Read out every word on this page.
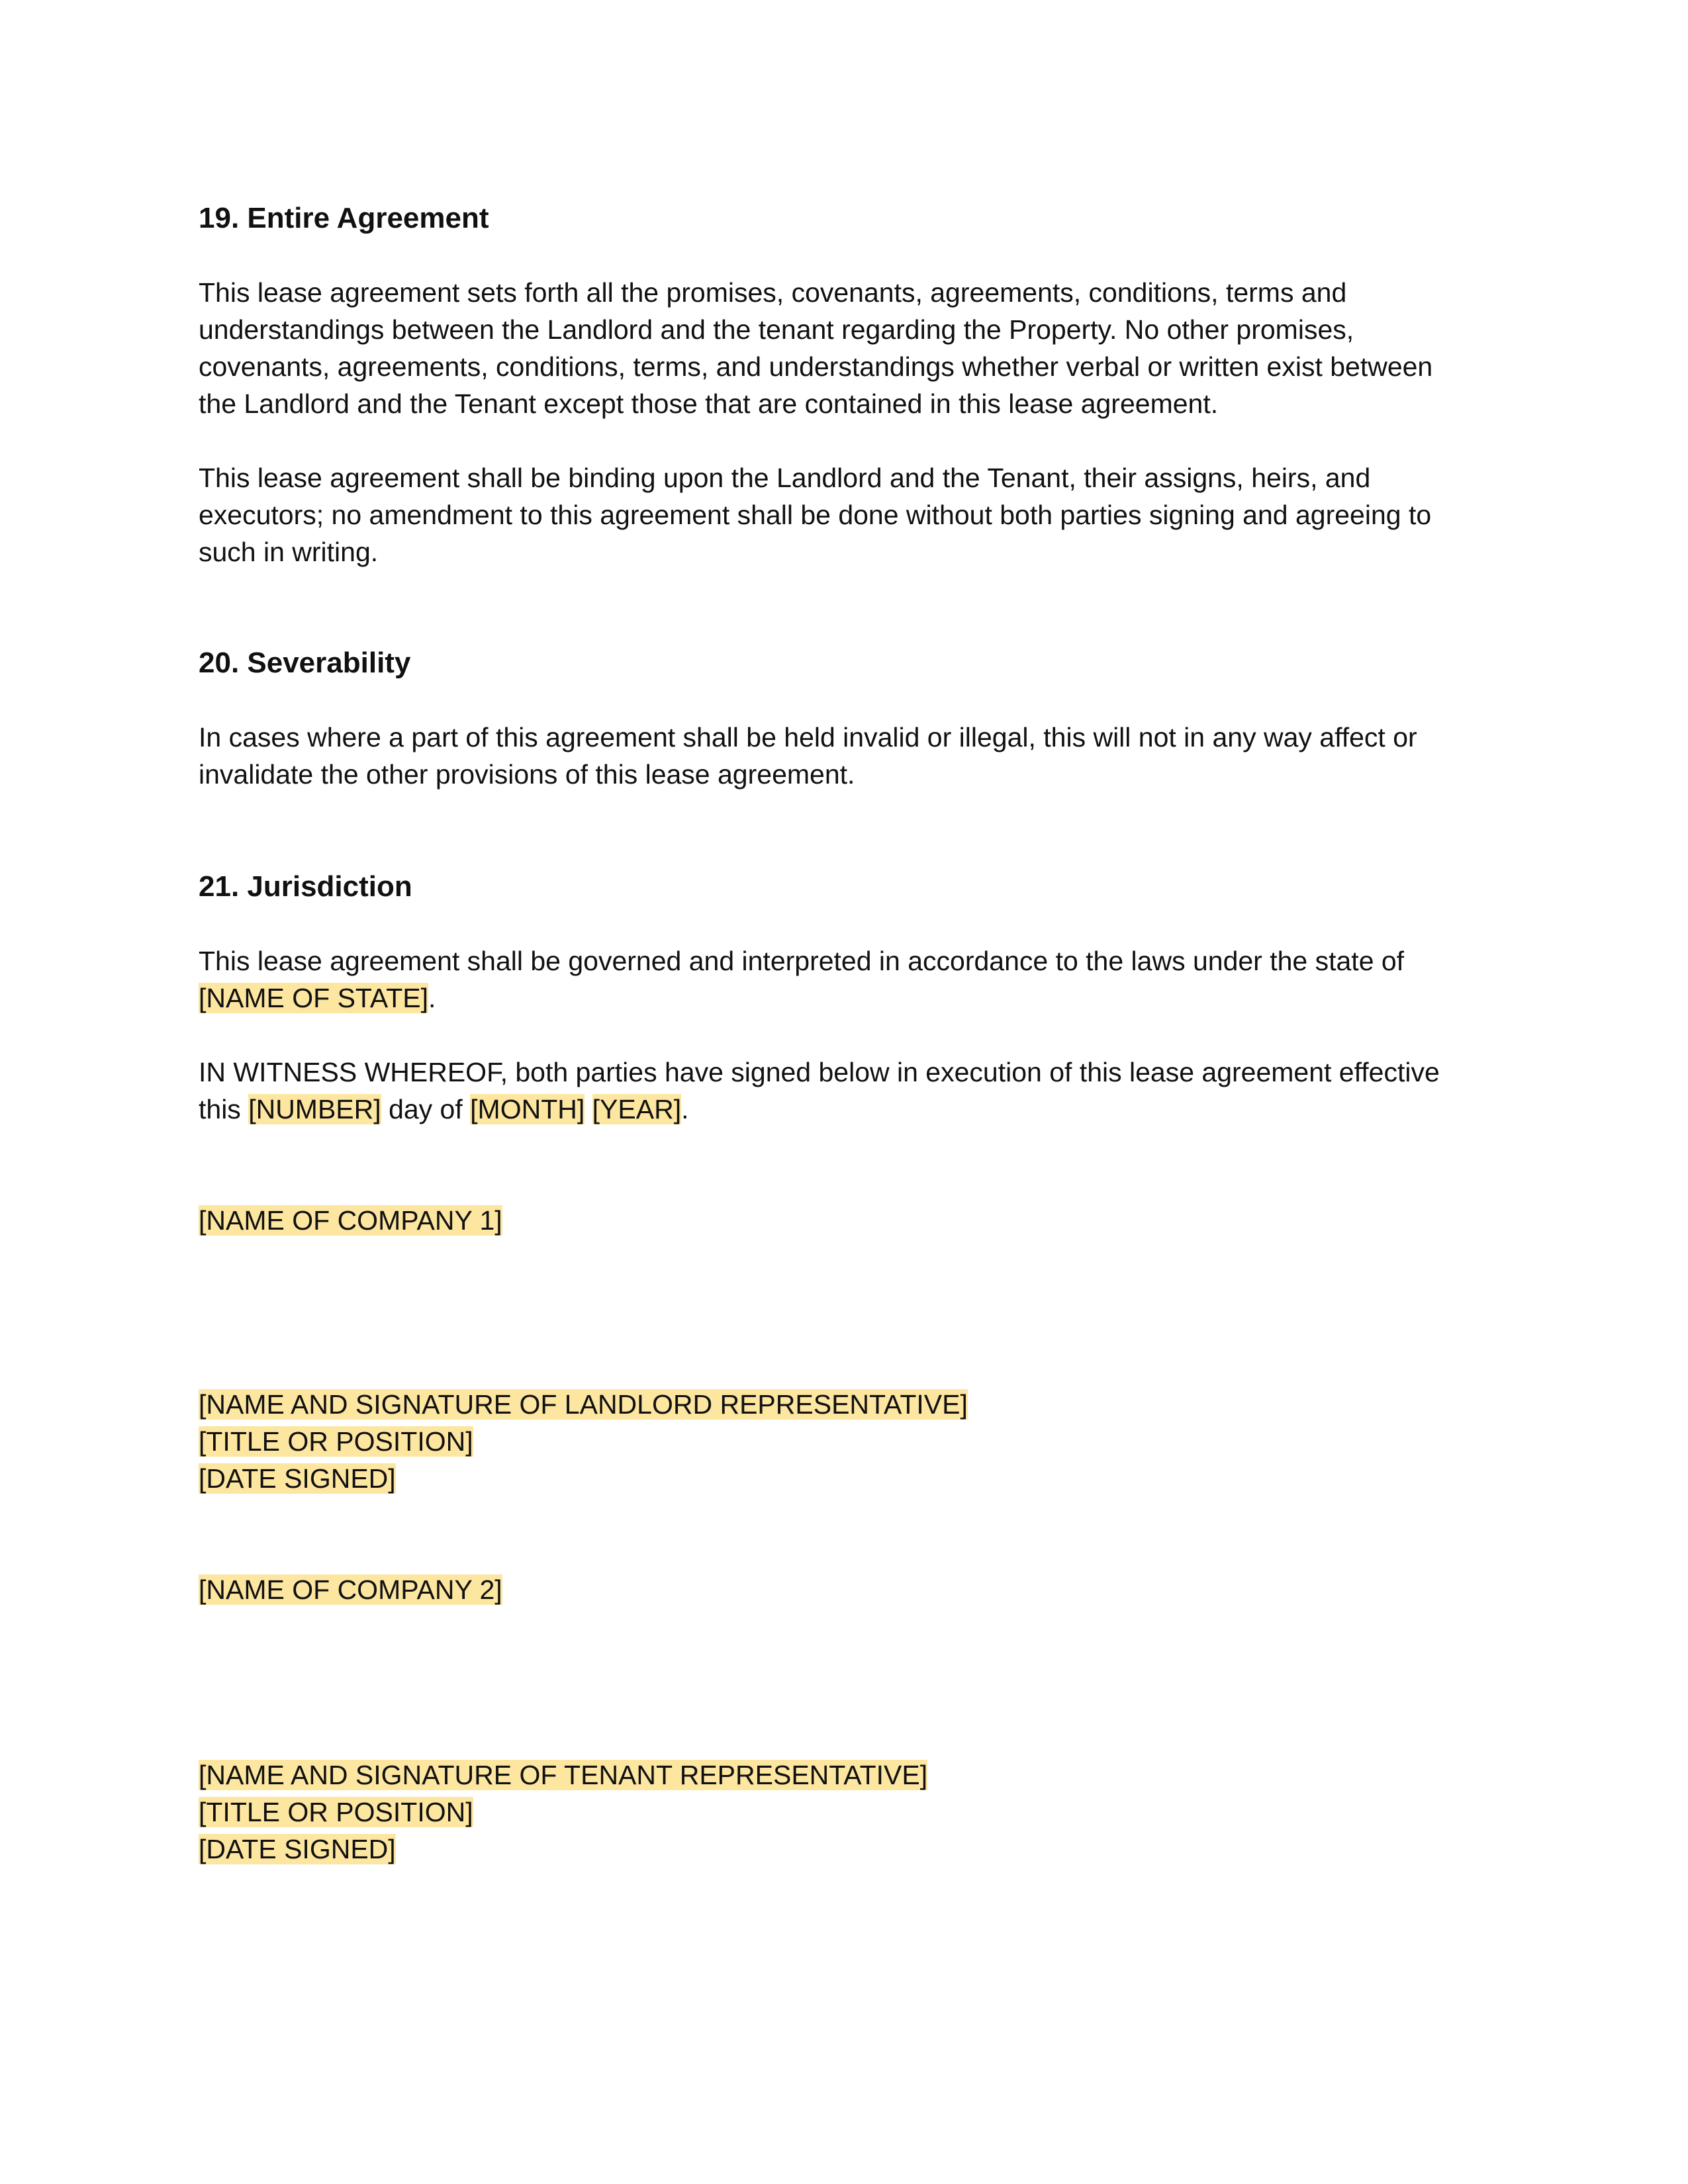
19. Entire Agreement

This lease agreement sets forth all the promises, covenants, agreements, conditions, terms and
understandings between the Landlord and the tenant regarding the Property. No other promises,
covenants, agreements, conditions, terms, and understandings whether verbal or written exist between
the Landlord and the Tenant except those that are contained in this lease agreement.

This lease agreement shall be binding upon the Landlord and the Tenant, their assigns, heirs, and
executors; no amendment to this agreement shall be done without both parties signing and agreeing to
such in writing.

20. Severability

In cases where a part of this agreement shall be held invalid or illegal, this will not in any way affect or
invalidate the other provisions of this lease agreement.

21. Jurisdiction

This lease agreement shall be governed and interpreted in accordance to the laws under the state of
[NAME OF STATE].

IN WITNESS WHEREOF, both parties have signed below in execution of this lease agreement effective
this [NUMBER] day of [MONTH] [YEAR].

[NAME OF COMPANY 1]

[NAME AND SIGNATURE OF LANDLORD REPRESENTATIVE]
[TITLE OR POSITION]
[DATE SIGNED]

[NAME OF COMPANY 2]

[NAME AND SIGNATURE OF TENANT REPRESENTATIVE]
[TITLE OR POSITION]
[DATE SIGNED]
